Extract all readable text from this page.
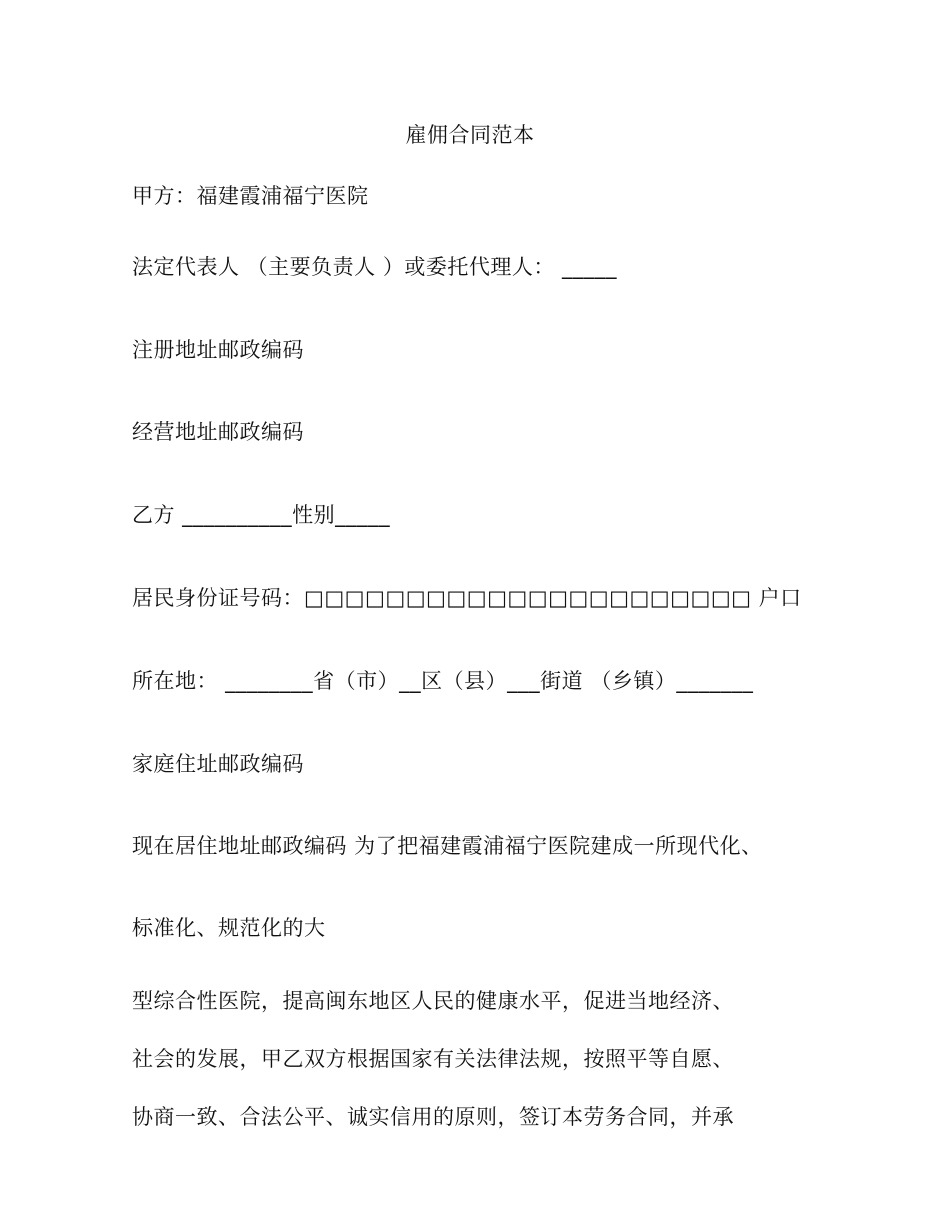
雇佣合同范本
甲方：福建霞浦福宁医院
法定代表人 （主要负责人 ）或委托代理人： _____
注册地址邮政编码
经营地址邮政编码
乙方 __________性别_____
居民身份证号码：□□□□□□□□□□□□□□□□□□□□□□ 户口
所在地： ________省（市）__区（县）___街道 （乡镇）_______
家庭住址邮政编码
现在居住地址邮政编码 为了把福建霞浦福宁医院建成一所现代化、
标准化、规范化的大
型综合性医院，提高闽东地区人民的健康水平，促进当地经济、
社会的发展，甲乙双方根据国家有关法律法规，按照平等自愿、
协商一致、合法公平、诚实信用的原则，签订本劳务合同，并承
